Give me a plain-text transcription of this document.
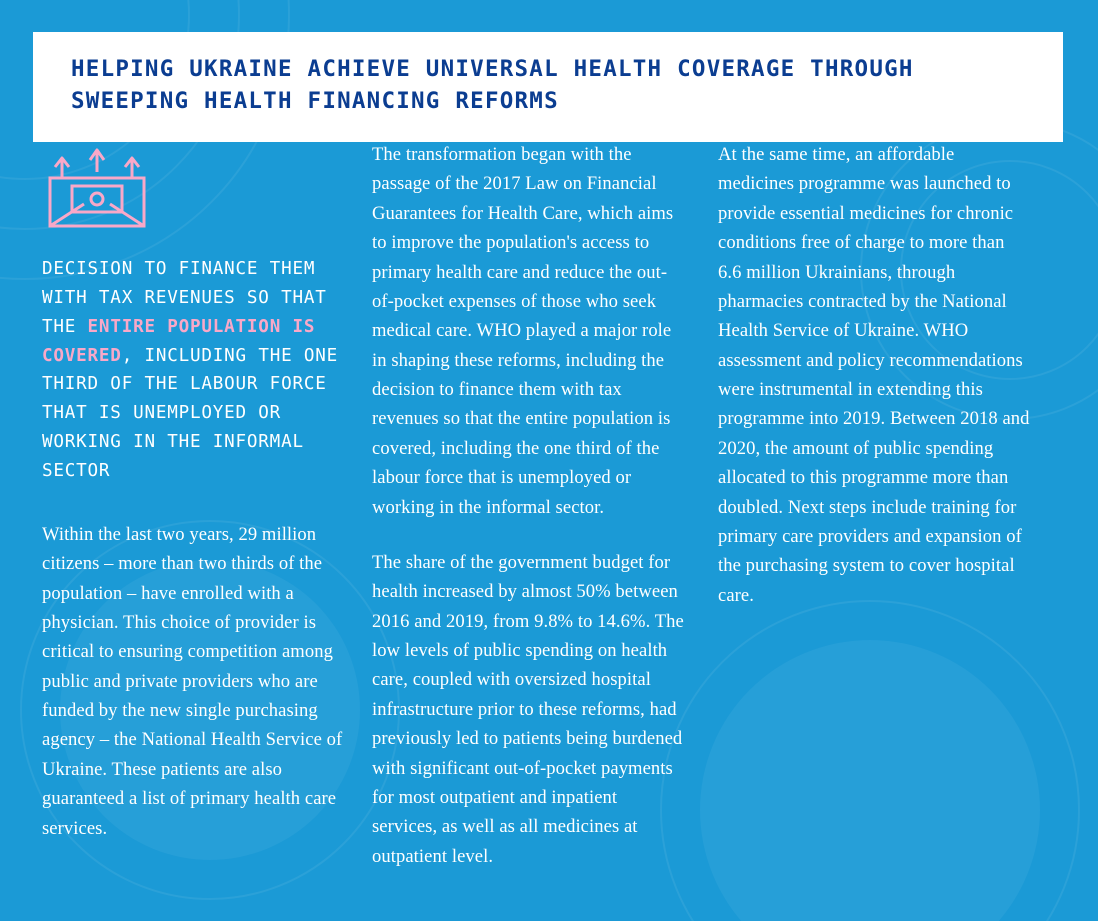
HELPING UKRAINE ACHIEVE UNIVERSAL HEALTH COVERAGE THROUGH SWEEPING HEALTH FINANCING REFORMS
DECISION TO FINANCE THEM WITH TAX REVENUES SO THAT THE ENTIRE POPULATION IS COVERED, INCLUDING THE ONE THIRD OF THE LABOUR FORCE THAT IS UNEMPLOYED OR WORKING IN THE INFORMAL SECTOR

Within the last two years, 29 million citizens – more than two thirds of the population – have enrolled with a physician. This choice of provider is critical to ensuring competition among public and private providers who are funded by the new single purchasing agency – the National Health Service of Ukraine. These patients are also guaranteed a list of primary health care services.

The transformation began with the passage of the 2017 Law on Financial Guarantees for Health Care, which aims to improve the population's access to primary health care and reduce the out-of-pocket expenses of those who seek medical care. WHO played a major role in shaping these reforms, including the decision to finance them with tax revenues so that the entire population is covered, including the one third of the labour force that is unemployed or working in the informal sector.

The share of the government budget for health increased by almost 50% between 2016 and 2019, from 9.8% to 14.6%. The low levels of public spending on health care, coupled with oversized hospital infrastructure prior to these reforms, had previously led to patients being burdened with significant out-of-pocket payments for most outpatient and inpatient services, as well as all medicines at outpatient level.

At the same time, an affordable medicines programme was launched to provide essential medicines for chronic conditions free of charge to more than 6.6 million Ukrainians, through pharmacies contracted by the National Health Service of Ukraine. WHO assessment and policy recommendations were instrumental in extending this programme into 2019. Between 2018 and 2020, the amount of public spending allocated to this programme more than doubled. Next steps include training for primary care providers and expansion of the purchasing system to cover hospital care.
